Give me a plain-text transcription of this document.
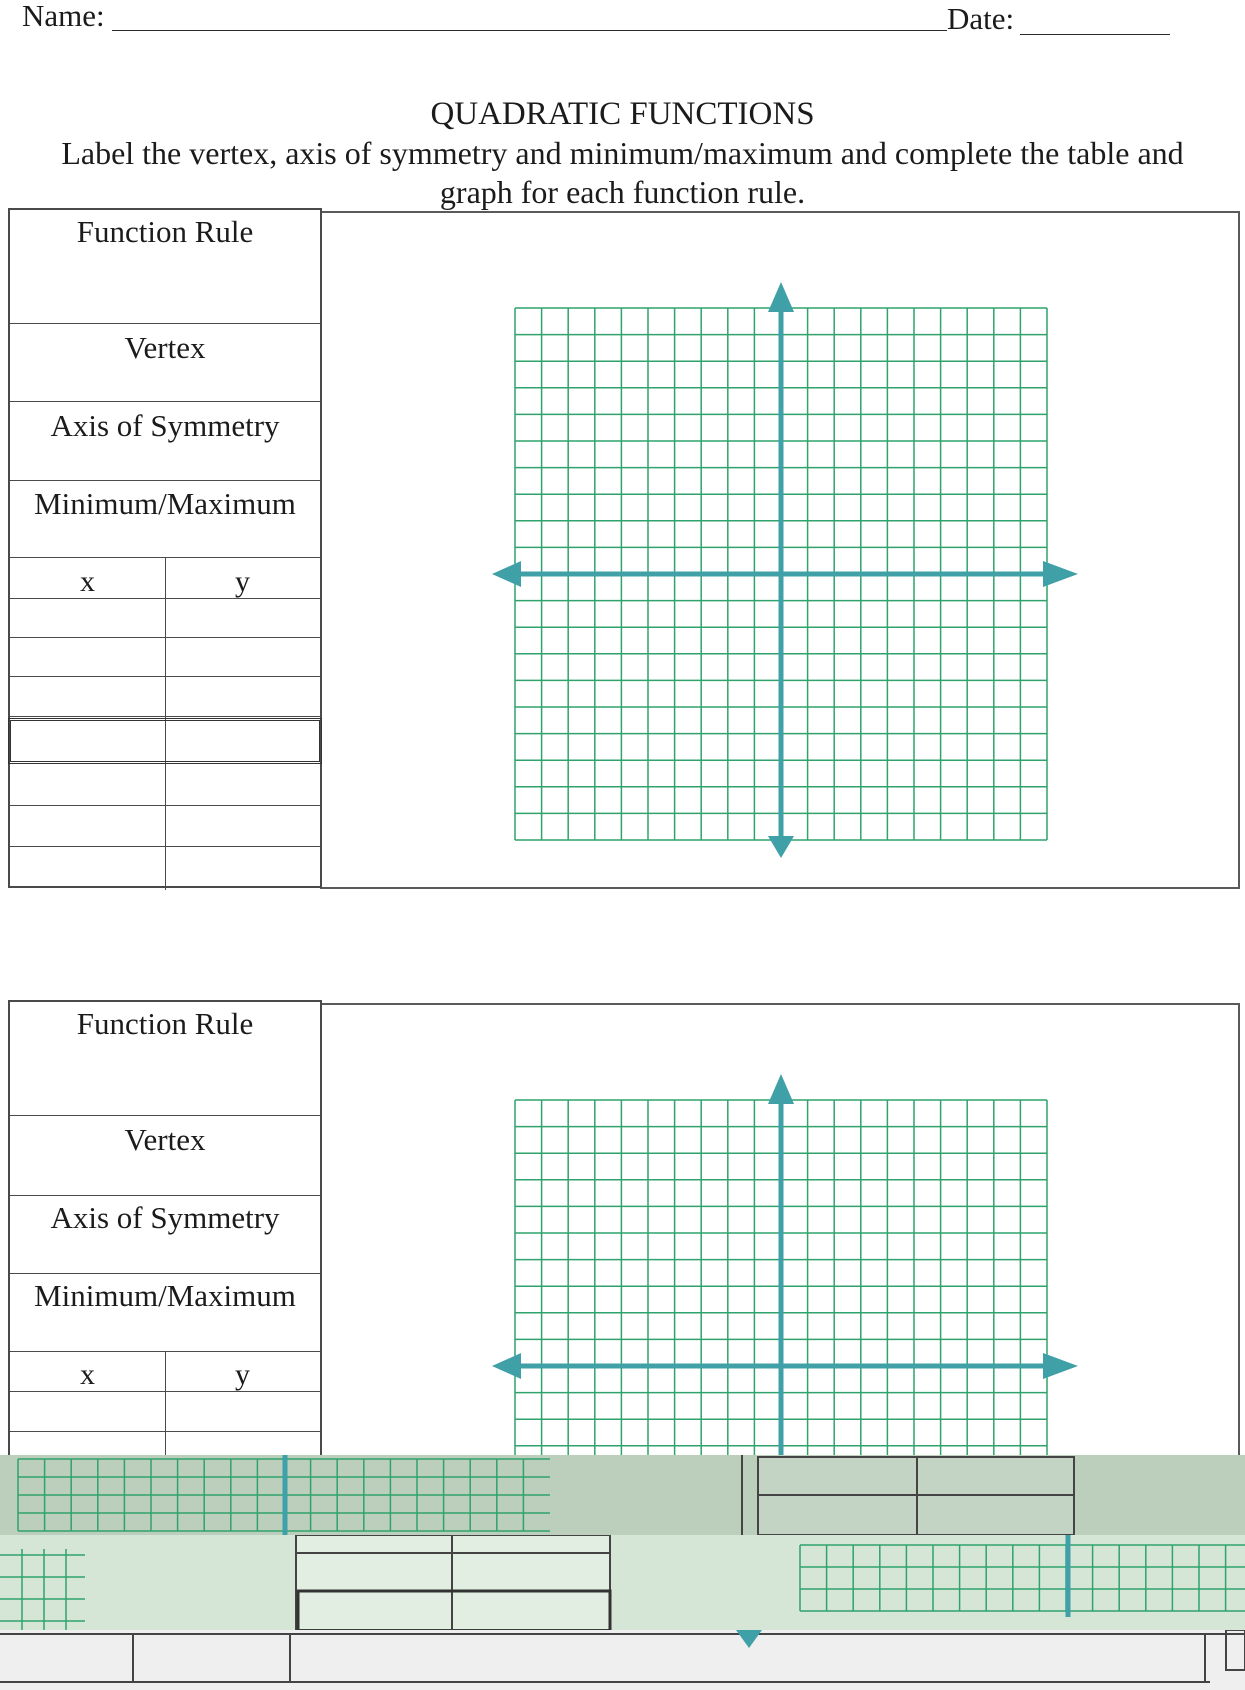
Name:	Date:
QUADRATIC FUNCTIONS
Label the vertex, axis of symmetry and minimum/maximum and complete the table and
graph for each function rule.
Function Rule
Vertex
Axis of Symmetry
Minimum/Maximum
x	y
Function Rule
Vertex
Axis of Symmetry
Minimum/Maximum
x	y
